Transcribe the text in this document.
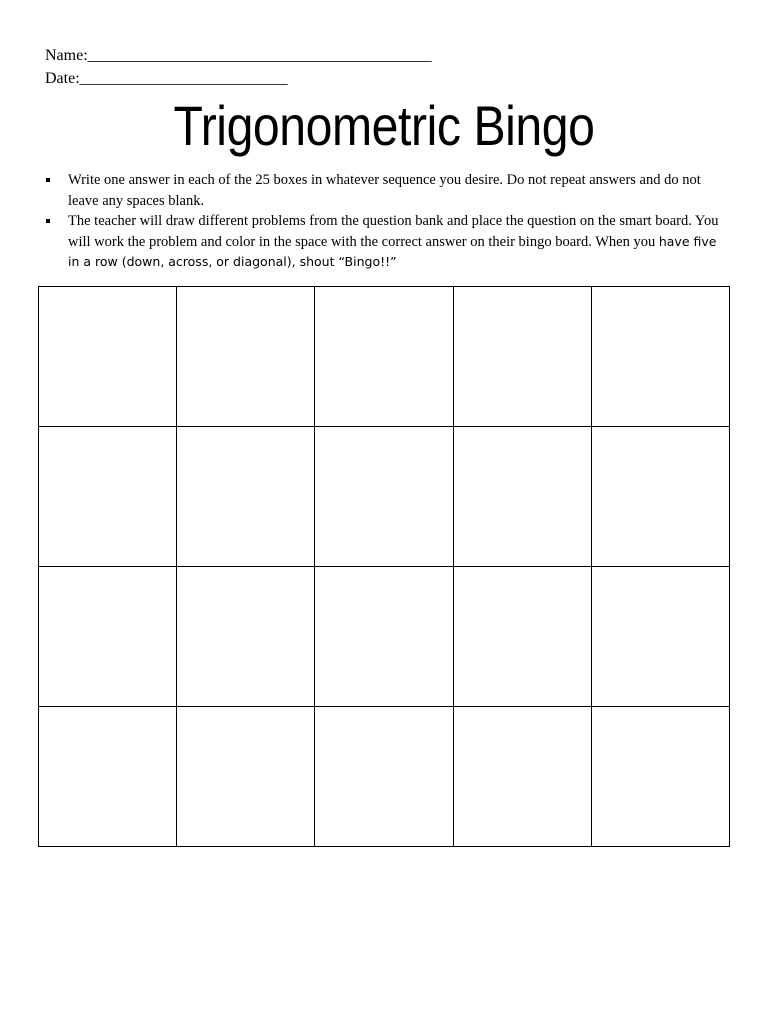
Name:___________________________________________
Date:__________________________
Trigonometric Bingo
Write one answer in each of the 25 boxes in whatever sequence you desire. Do not repeat answers and do not leave any spaces blank.
The teacher will draw different problems from the question bank and place the question on the smart board. You will work the problem and color in the space with the correct answer on their bingo board. When you have five in a row (down, across, or diagonal), shout “Bingo!!”
